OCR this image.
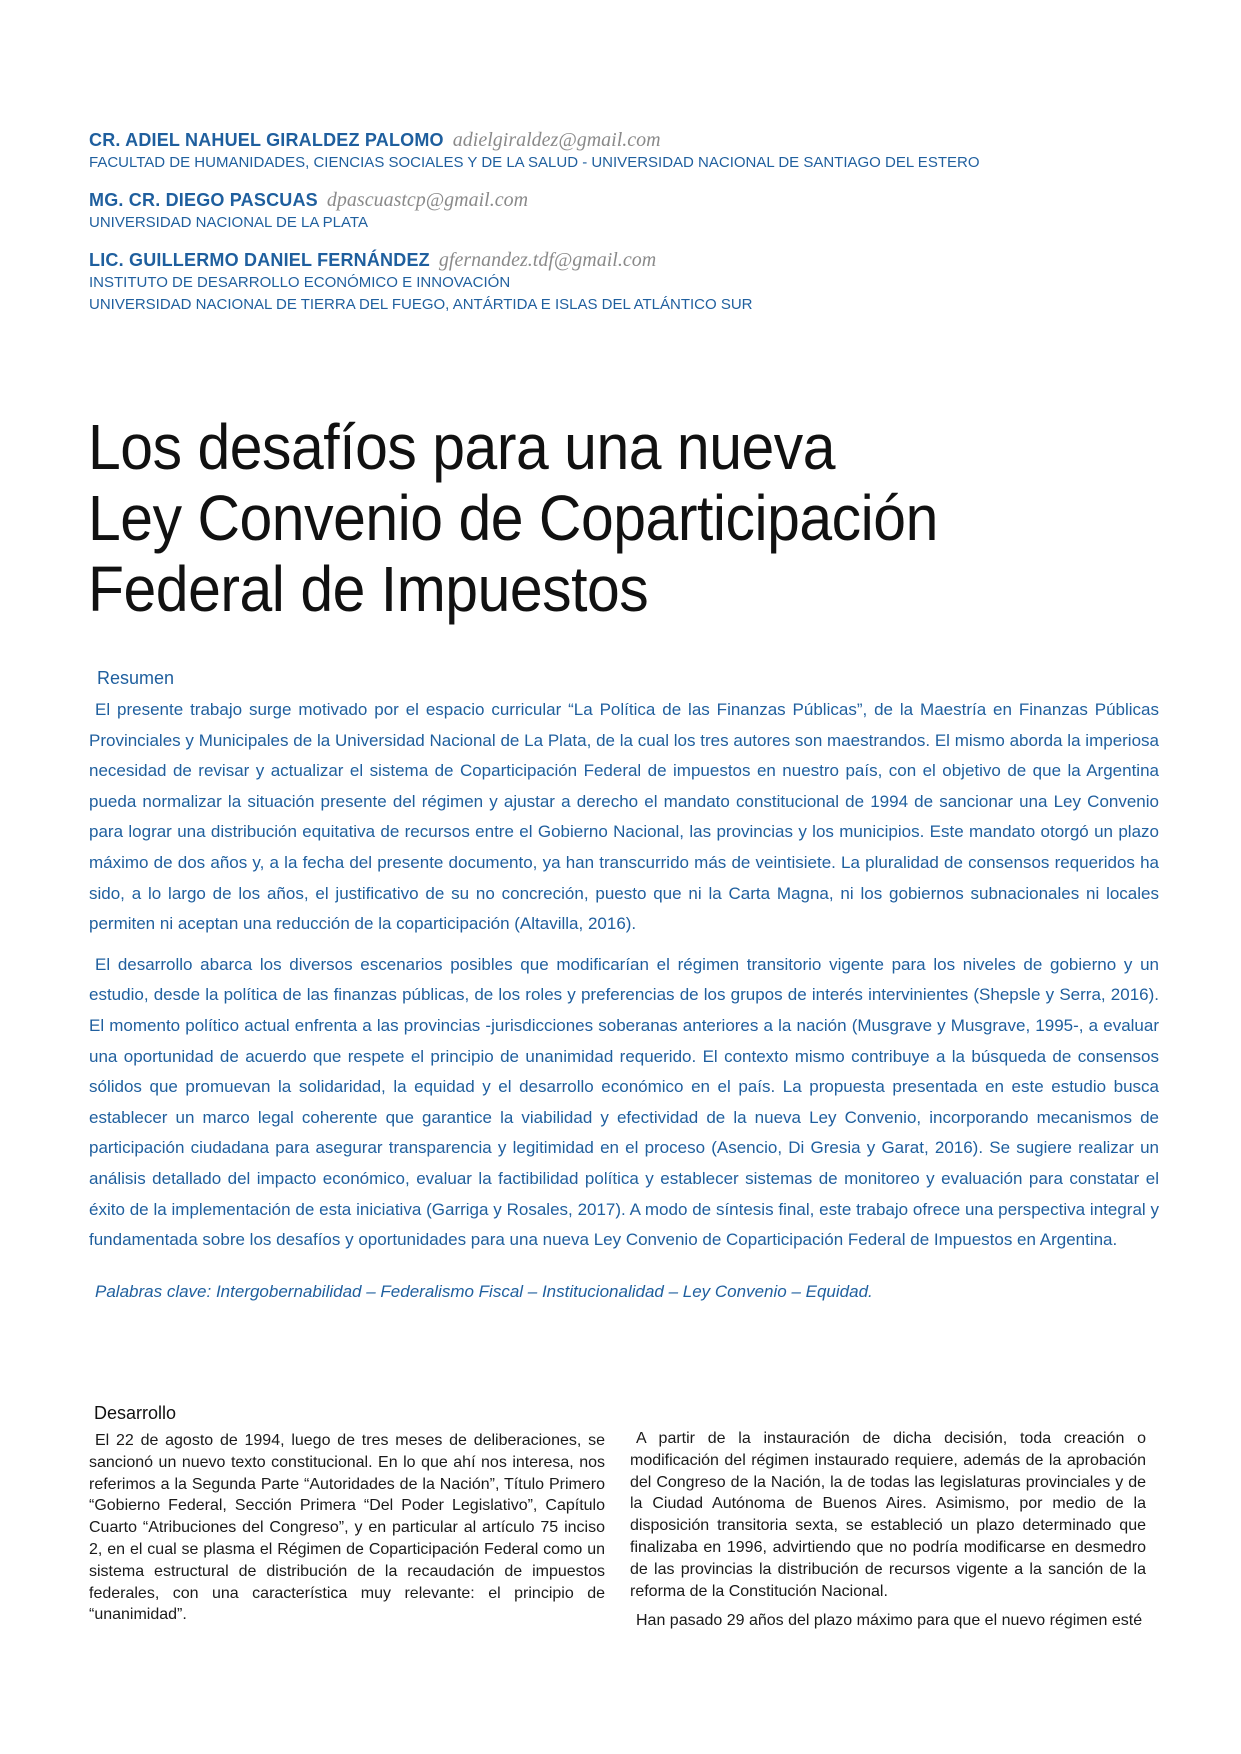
CR. ADIEL NAHUEL GIRALDEZ PALOMO adielgiraldez@gmail.com
FACULTAD DE HUMANIDADES, CIENCIAS SOCIALES Y DE LA SALUD - UNIVERSIDAD NACIONAL DE SANTIAGO DEL ESTERO
MG. CR. DIEGO PASCUAS dpascuastcp@gmail.com
UNIVERSIDAD NACIONAL DE LA PLATA
LIC. GUILLERMO DANIEL FERNÁNDEZ gfernandez.tdf@gmail.com
INSTITUTO DE DESARROLLO ECONÓMICO E INNOVACIÓN
UNIVERSIDAD NACIONAL DE TIERRA DEL FUEGO, ANTÁRTIDA E ISLAS DEL ATLÁNTICO SUR
Los desafíos para una nueva
Ley Convenio de Coparticipación
Federal de Impuestos
Resumen

El presente trabajo surge motivado por el espacio curricular “La Política de las Finanzas Públicas”, de la Maestría en Finanzas Públicas Provinciales y Municipales de la Universidad Nacional de La Plata, de la cual los tres autores son maestrandos. El mismo aborda la imperiosa necesidad de revisar y actualizar el sistema de Coparticipación Federal de impuestos en nuestro país, con el objetivo de que la Argentina pueda normalizar la situación presente del régimen y ajustar a derecho el mandato constitucional de 1994 de sancionar una Ley Convenio para lograr una distribución equitativa de recursos entre el Gobierno Nacional, las provincias y los municipios. Este mandato otorgó un plazo máximo de dos años y, a la fecha del presente documento, ya han transcurrido más de veintisiete. La pluralidad de consensos requeridos ha sido, a lo largo de los años, el justificativo de su no concreción, puesto que ni la Carta Magna, ni los gobiernos subnacionales ni locales permiten ni aceptan una reducción de la coparticipación (Altavilla, 2016).

El desarrollo abarca los diversos escenarios posibles que modificarían el régimen transitorio vigente para los niveles de gobierno y un estudio, desde la política de las finanzas públicas, de los roles y preferencias de los grupos de interés intervinientes (Shepsle y Serra, 2016). El momento político actual enfrenta a las provincias -jurisdicciones soberanas anteriores a la nación (Musgrave y Musgrave, 1995-, a evaluar una oportunidad de acuerdo que respete el principio de unanimidad requerido. El contexto mismo contribuye a la búsqueda de consensos sólidos que promuevan la solidaridad, la equidad y el desarrollo económico en el país. La propuesta presentada en este estudio busca establecer un marco legal coherente que garantice la viabilidad y efectividad de la nueva Ley Convenio, incorporando mecanismos de participación ciudadana para asegurar transparencia y legitimidad en el proceso (Asencio, Di Gresia y Garat, 2016). Se sugiere realizar un análisis detallado del impacto económico, evaluar la factibilidad política y establecer sistemas de monitoreo y evaluación para constatar el éxito de la implementación de esta iniciativa (Garriga y Rosales, 2017). A modo de síntesis final, este trabajo ofrece una perspectiva integral y fundamentada sobre los desafíos y oportunidades para una nueva Ley Convenio de Coparticipación Federal de Impuestos en Argentina.

Palabras clave: Intergobernabilidad – Federalismo Fiscal – Institucionalidad – Ley Convenio – Equidad.
Desarrollo

El 22 de agosto de 1994, luego de tres meses de deliberaciones, se sancionó un nuevo texto constitucional. En lo que ahí nos interesa, nos referimos a la Segunda Parte “Autoridades de la Nación”, Título Primero “Gobierno Federal, Sección Primera “Del Poder Legislativo”, Capítulo Cuarto “Atribuciones del Congreso”, y en particular al artículo 75 inciso 2, en el cual se plasma el Régimen de Coparticipación Federal como un sistema estructural de distribución de la recaudación de impuestos federales, con una característica muy relevante: el principio de “unanimidad”.

A partir de la instauración de dicha decisión, toda creación o modificación del régimen instaurado requiere, además de la aprobación del Congreso de la Nación, la de todas las legislaturas provinciales y de la Ciudad Autónoma de Buenos Aires. Asimismo, por medio de la disposición transitoria sexta, se estableció un plazo determinado que finalizaba en 1996, advirtiendo que no podría modificarse en desmedro de las provincias la distribución de recursos vigente a la sanción de la reforma de la Constitución Nacional.

Han pasado 29 años del plazo máximo para que el nuevo régimen esté
